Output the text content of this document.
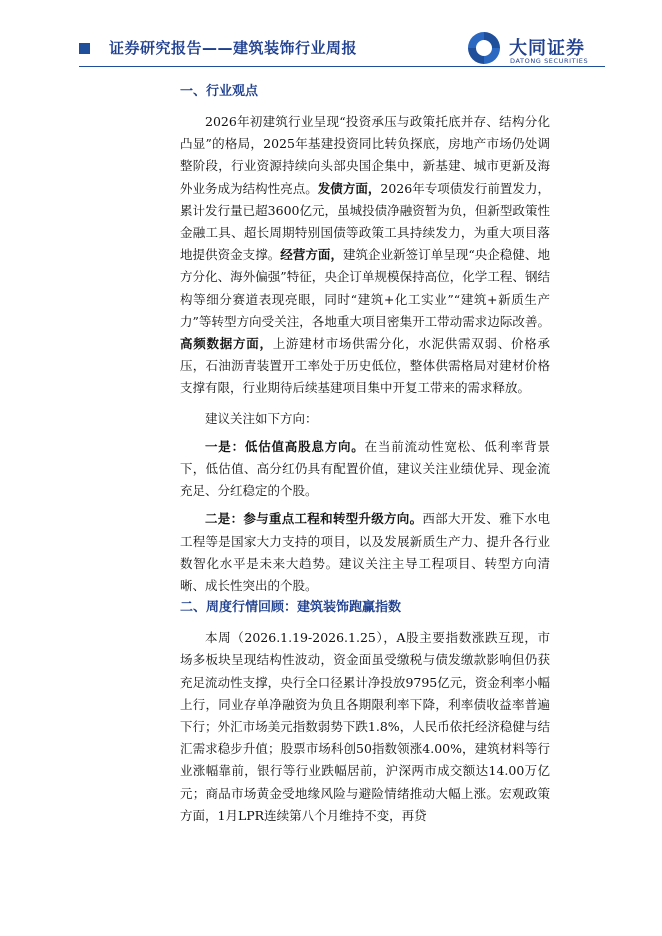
证券研究报告——建筑装饰行业周报	大同证券
DATONG SECURITIES
一、行业观点

2026年初建筑行业呈现“投资承压与政策托底并存、结构分化凸显”的格局，2025年基建投资同比转负探底，房地产市场仍处调整阶段，行业资源持续向头部央国企集中，新基建、城市更新及海外业务成为结构性亮点。发债方面，2026年专项债发行前置发力，累计发行量已超3600亿元，虽城投债净融资暂为负，但新型政策性金融工具、超长周期特别国债等政策工具持续发力，为重大项目落地提供资金支撑。经营方面，建筑企业新签订单呈现“央企稳健、地方分化、海外偏强”特征，央企订单规模保持高位，化学工程、钢结构等细分赛道表现亮眼，同时“建筑+化工实业”“建筑+新质生产力”等转型方向受关注，各地重大项目密集开工带动需求边际改善。高频数据方面，上游建材市场供需分化，水泥供需双弱、价格承压，石油沥青装置开工率处于历史低位，整体供需格局对建材价格支撑有限，行业期待后续基建项目集中开复工带来的需求释放。

建议关注如下方向：

一是：低估值高股息方向。在当前流动性宽松、低利率背景下，低估值、高分红仍具有配置价值，建议关注业绩优异、现金流充足、分红稳定的个股。

二是：参与重点工程和转型升级方向。西部大开发、雅下水电工程等是国家大力支持的项目，以及发展新质生产力、提升各行业数智化水平是未来大趋势。建议关注主导工程项目、转型方向清晰、成长性突出的个股。

二、周度行情回顾：建筑装饰跑赢指数

本周（2026.1.19-2026.1.25），A股主要指数涨跌互现，市场多板块呈现结构性波动，资金面虽受缴税与债发缴款影响但仍获充足流动性支撑，央行全口径累计净投放9795亿元，资金利率小幅上行，同业存单净融资为负且各期限利率下降，利率债收益率普遍下行；外汇市场美元指数弱势下跌1.8%，人民币依托经济稳健与结汇需求稳步升值；股票市场科创50指数领涨4.00%，建筑材料等行业涨幅靠前，银行等行业跌幅居前，沪深两市成交额达14.00万亿元；商品市场黄金受地缘风险与避险情绪推动大幅上涨。宏观政策方面，1月LPR连续第八个月维持不变，再贷
